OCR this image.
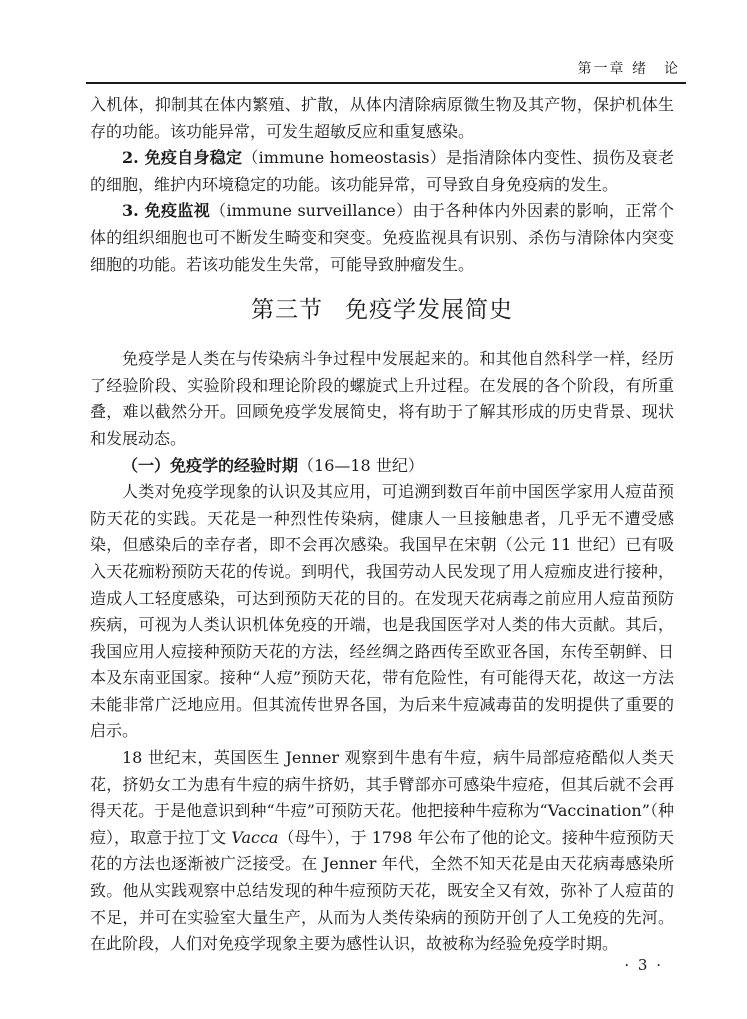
第一章 绪　论

入机体，抑制其在体内繁殖、扩散，从体内清除病原微生物及其产物，保护机体生存的功能。该功能异常，可发生超敏反应和重复感染。

2. 免疫自身稳定（immune homeostasis）是指清除体内变性、损伤及衰老的细胞，维护内环境稳定的功能。该功能异常，可导致自身免疫病的发生。

3. 免疫监视（immune surveillance）由于各种体内外因素的影响，正常个体的组织细胞也可不断发生畸变和突变。免疫监视具有识别、杀伤与清除体内突变细胞的功能。若该功能发生失常，可能导致肿瘤发生。

第三节 免疫学发展简史

免疫学是人类在与传染病斗争过程中发展起来的。和其他自然科学一样，经历了经验阶段、实验阶段和理论阶段的螺旋式上升过程。在发展的各个阶段，有所重叠，难以截然分开。回顾免疫学发展简史，将有助于了解其形成的历史背景、现状和发展动态。

（一）免疫学的经验时期（16—18 世纪）

人类对免疫学现象的认识及其应用，可追溯到数百年前中国医学家用人痘苗预防天花的实践。天花是一种烈性传染病，健康人一旦接触患者，几乎无不遭受感染，但感染后的幸存者，即不会再次感染。我国早在宋朝（公元 11 世纪）已有吸入天花痂粉预防天花的传说。到明代，我国劳动人民发现了用人痘痂皮进行接种，造成人工轻度感染，可达到预防天花的目的。在发现天花病毒之前应用人痘苗预防疾病，可视为人类认识机体免疫的开端，也是我国医学对人类的伟大贡献。其后，我国应用人痘接种预防天花的方法，经丝绸之路西传至欧亚各国，东传至朝鲜、日本及东南亚国家。接种“人痘”预防天花，带有危险性，有可能得天花，故这一方法未能非常广泛地应用。但其流传世界各国，为后来牛痘减毒苗的发明提供了重要的启示。

18 世纪末，英国医生 Jenner 观察到牛患有牛痘，病牛局部痘疮酷似人类天花，挤奶女工为患有牛痘的病牛挤奶，其手臂部亦可感染牛痘疮，但其后就不会再得天花。于是他意识到种“牛痘”可预防天花。他把接种牛痘称为“Vaccination”（种痘），取意于拉丁文 Vacca（母牛），于 1798 年公布了他的论文。接种牛痘预防天花的方法也逐渐被广泛接受。在 Jenner 年代，全然不知天花是由天花病毒感染所致。他从实践观察中总结发现的种牛痘预防天花，既安全又有效，弥补了人痘苗的不足，并可在实验室大量生产，从而为人类传染病的预防开创了人工免疫的先河。在此阶段，人们对免疫学现象主要为感性认识，故被称为经验免疫学时期。

· 3 ·
